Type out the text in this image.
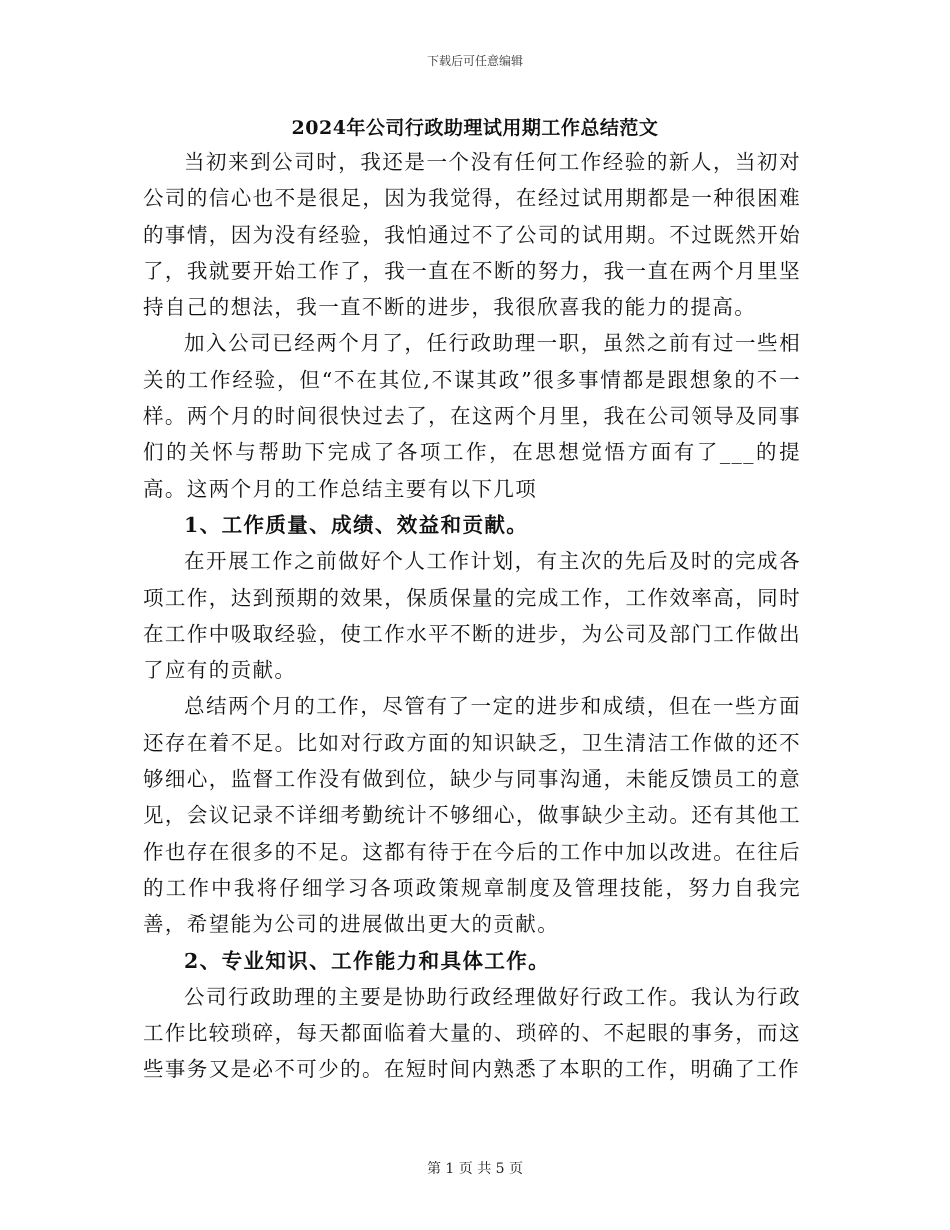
下载后可任意编辑
2024年公司行政助理试用期工作总结范文

当初来到公司时，我还是一个没有任何工作经验的新人，当初对公司的信心也不是很足，因为我觉得，在经过试用期都是一种很困难的事情，因为没有经验，我怕通过不了公司的试用期。不过既然开始了，我就要开始工作了，我一直在不断的努力，我一直在两个月里坚持自己的想法，我一直不断的进步，我很欣喜我的能力的提高。

加入公司已经两个月了，任行政助理一职，虽然之前有过一些相关的工作经验，但“不在其位,不谋其政”很多事情都是跟想象的不一样。两个月的时间很快过去了，在这两个月里，我在公司领导及同事们的关怀与帮助下完成了各项工作，在思想觉悟方面有了___的提高。这两个月的工作总结主要有以下几项

1、工作质量、成绩、效益和贡献。

在开展工作之前做好个人工作计划，有主次的先后及时的完成各项工作，达到预期的效果，保质保量的完成工作，工作效率高，同时在工作中吸取经验，使工作水平不断的进步，为公司及部门工作做出了应有的贡献。

总结两个月的工作，尽管有了一定的进步和成绩，但在一些方面还存在着不足。比如对行政方面的知识缺乏，卫生清洁工作做的还不够细心，监督工作没有做到位，缺少与同事沟通，未能反馈员工的意见，会议记录不详细考勤统计不够细心，做事缺少主动。还有其他工作也存在很多的不足。这都有待于在今后的工作中加以改进。在往后的工作中我将仔细学习各项政策规章制度及管理技能，努力自我完善，希望能为公司的进展做出更大的贡献。

2、专业知识、工作能力和具体工作。

公司行政助理的主要是协助行政经理做好行政工作。我认为行政工作比较琐碎，每天都面临着大量的、琐碎的、不起眼的事务，而这些事务又是必不可少的。在短时间内熟悉了本职的工作，明确了工作

第 1 页 共 5 页
